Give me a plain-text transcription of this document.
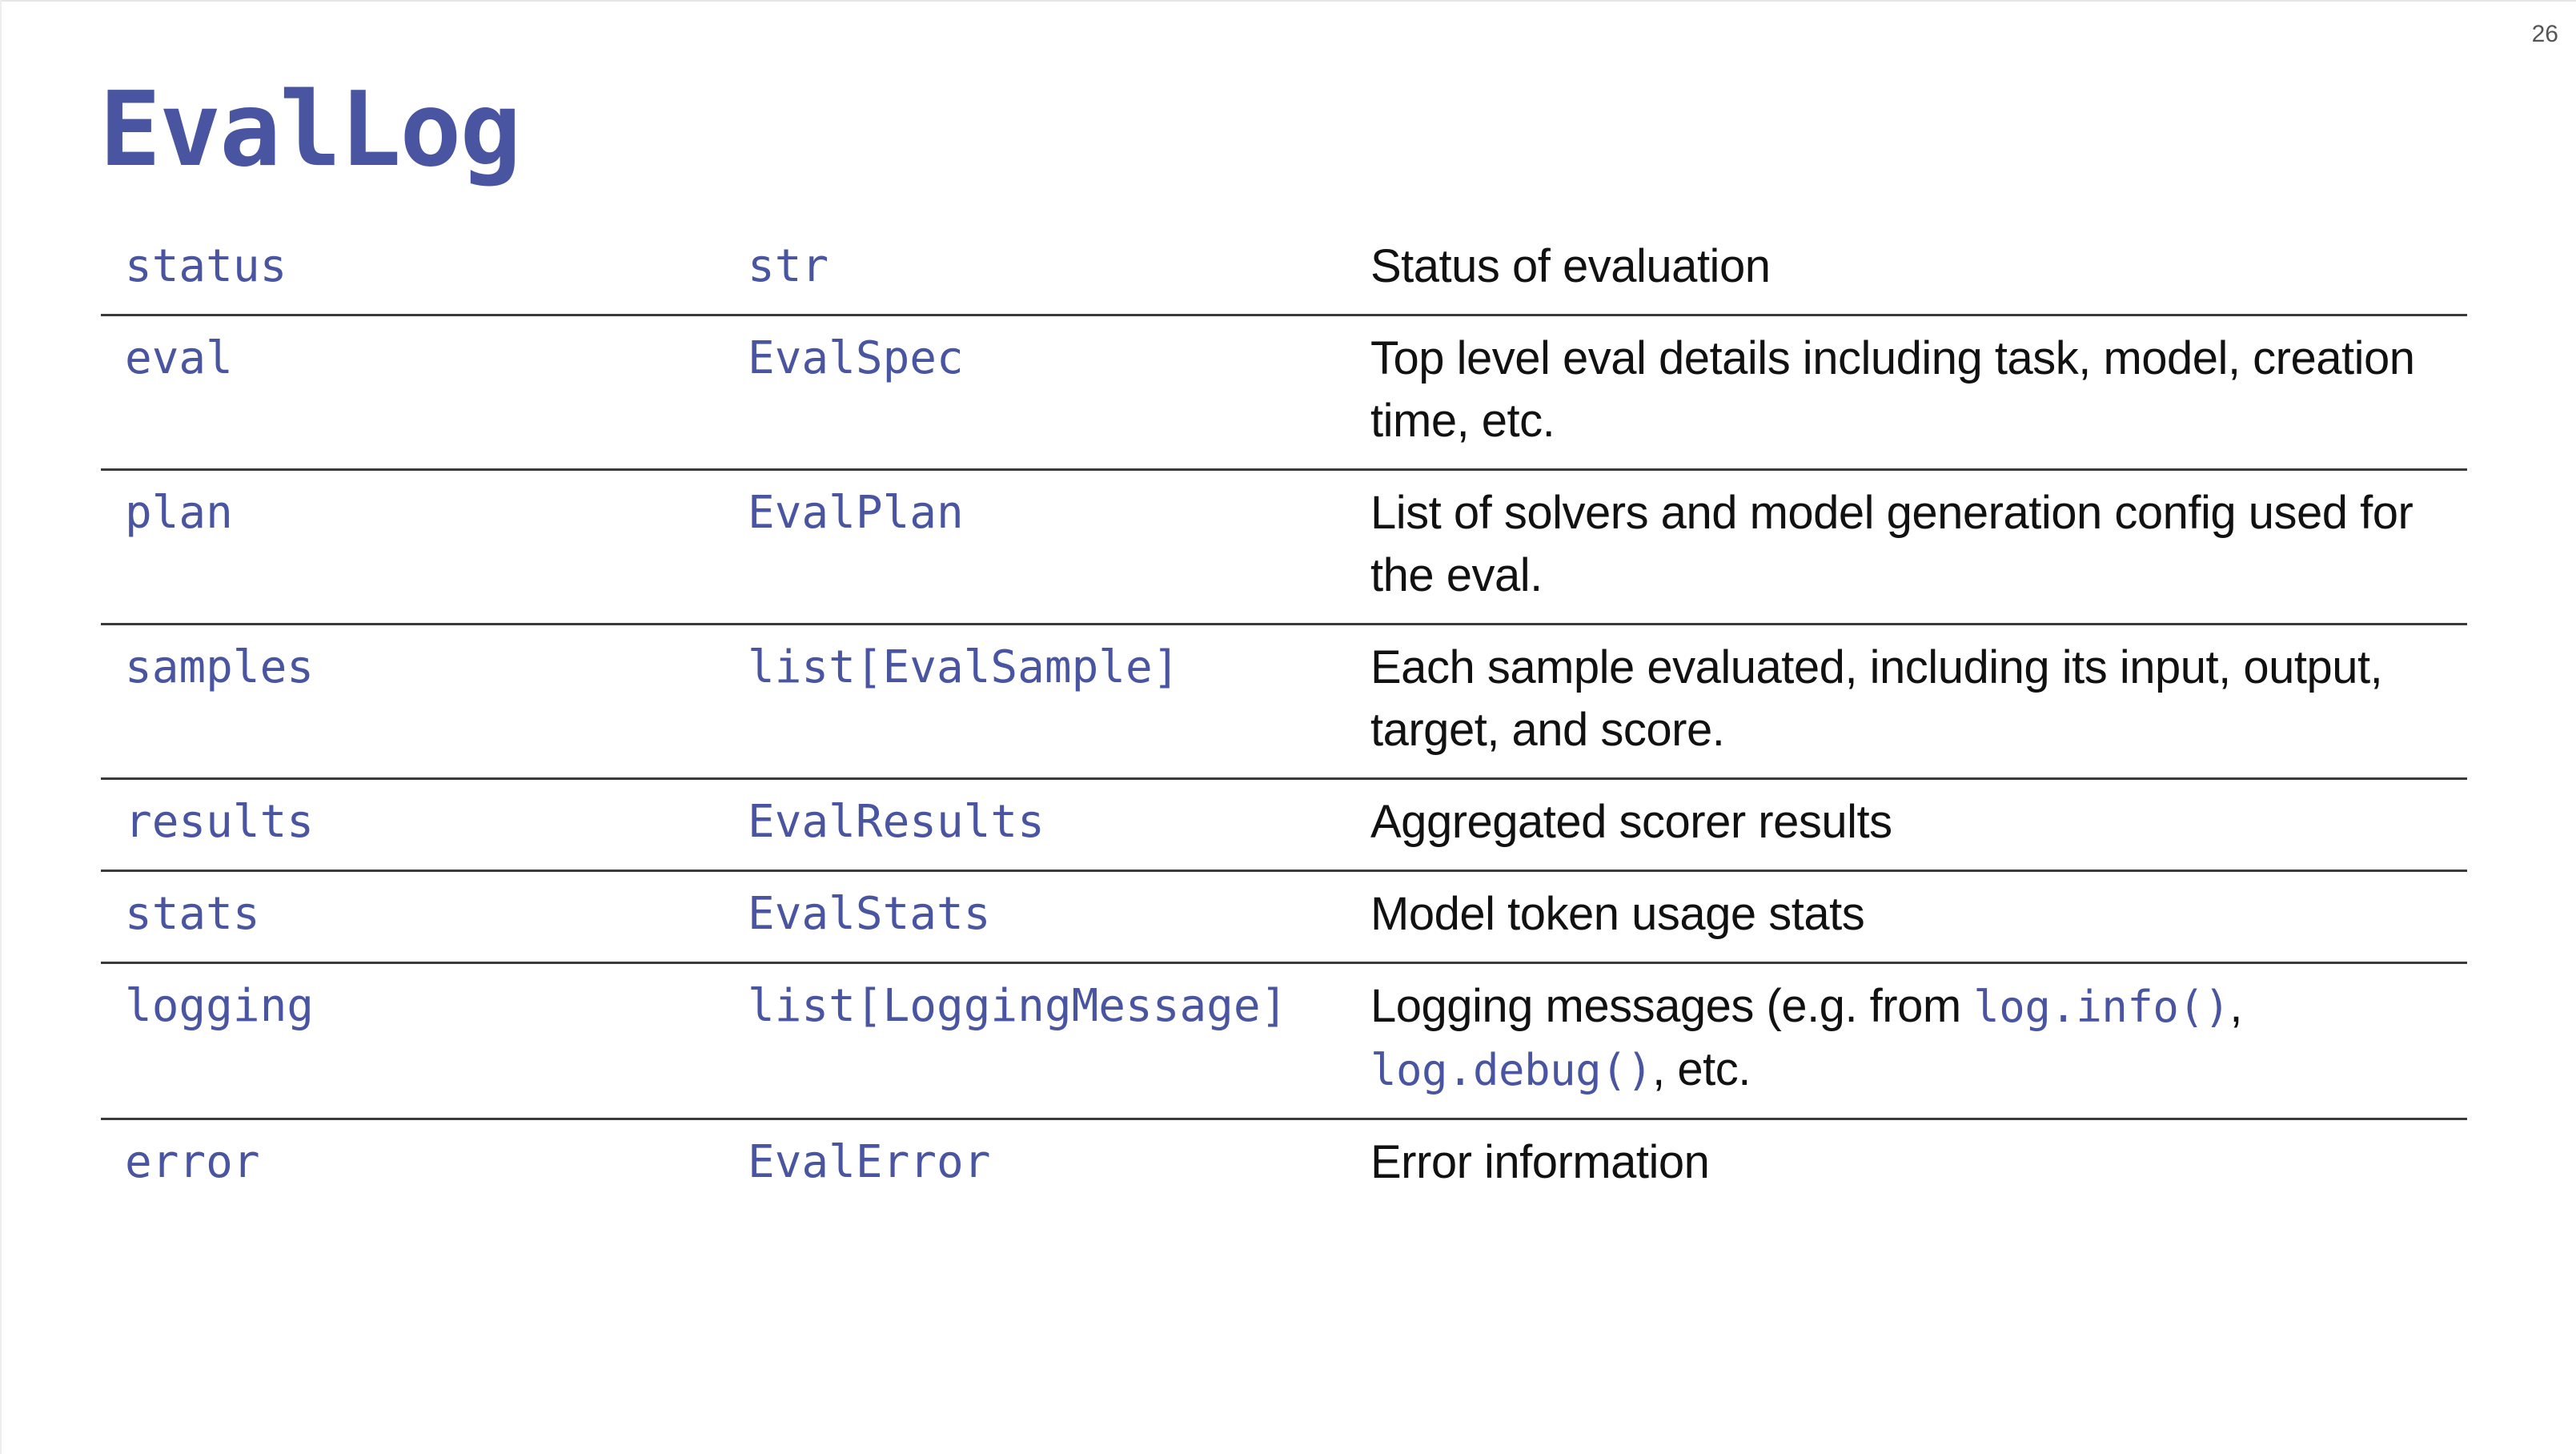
26
EvalLog
status	str	Status of evaluation
eval	EvalSpec	Top level eval details including task, model, creation time, etc.
plan	EvalPlan	List of solvers and model generation config used for the eval.
samples	list[EvalSample]	Each sample evaluated, including its input, output, target, and score.
results	EvalResults	Aggregated scorer results
stats	EvalStats	Model token usage stats
logging	list[LoggingMessage]	Logging messages (e.g. from log.info(), log.debug(), etc.
error	EvalError	Error information
